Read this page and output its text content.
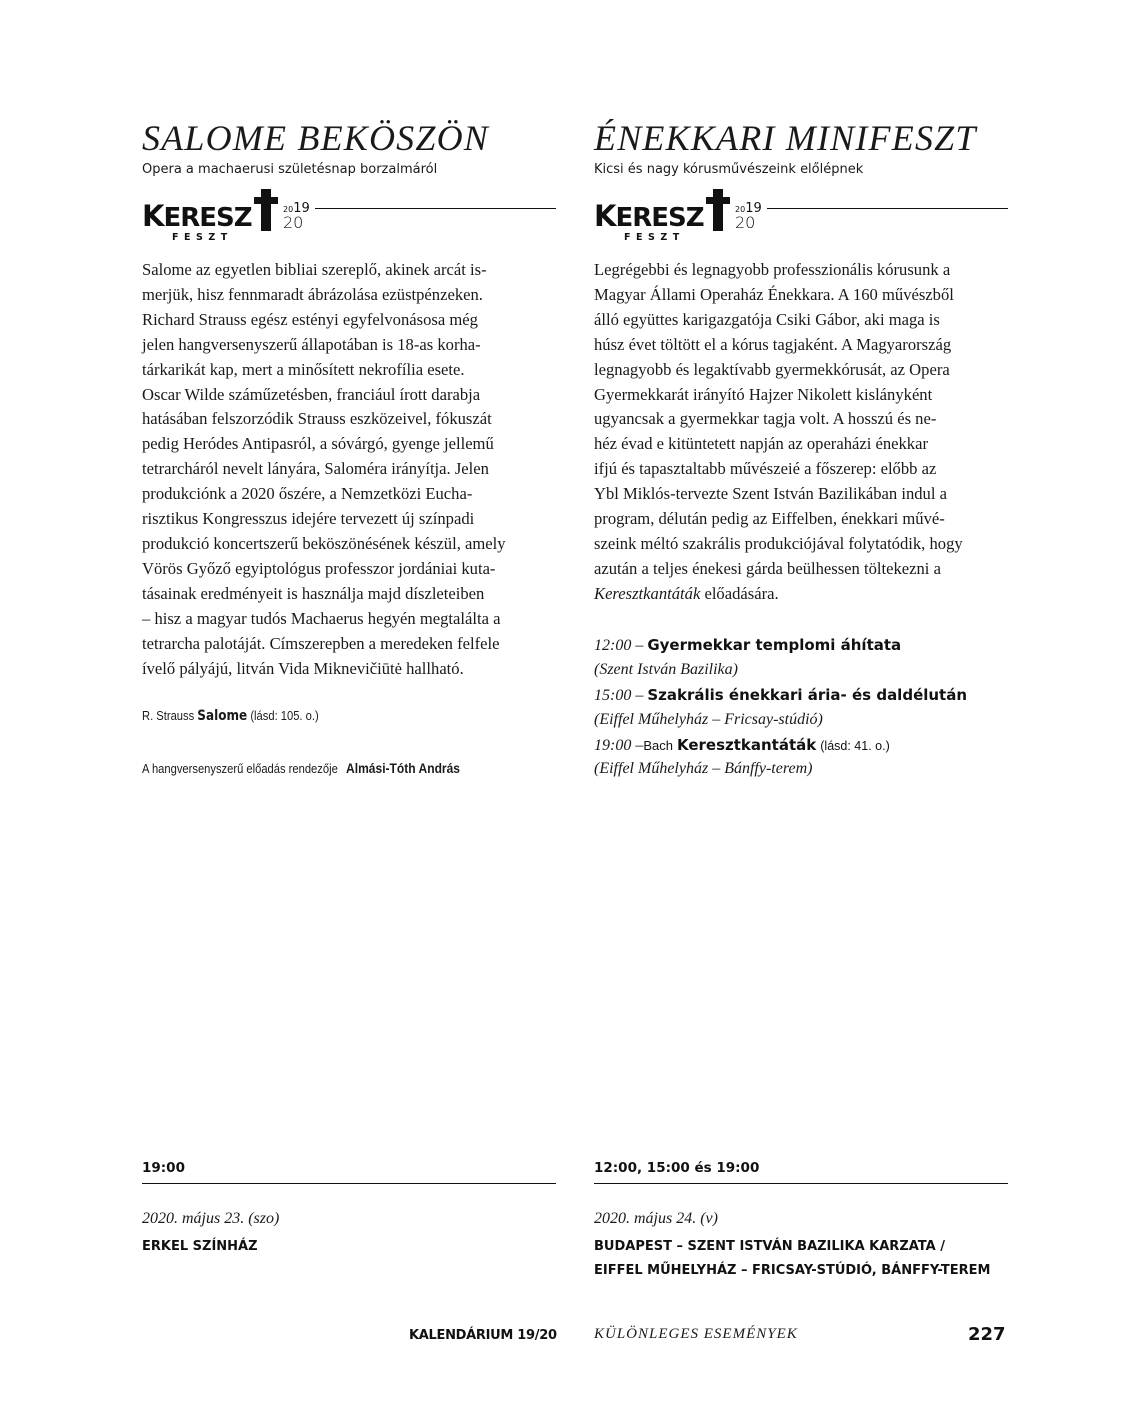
SALOME BEKÖSZÖN
Opera a machaerusi születésnap borzalmáról
KERESZ
FESZT
2019
20

Salome az egyetlen bibliai szereplő, akinek arcát is-

merjük, hisz fennmaradt ábrázolása ezüstpénzeken.

Richard Strauss egész estényi egyfelvonásosa még

jelen hangversenyszerű állapotában is 18-as korha-

tárkarikát kap, mert a minősített nekrofília esete.

Oscar Wilde száműzetésben, franciául írott darabja

hatásában felszorzódik Strauss eszközeivel, fókuszát

pedig Heródes Antipasról, a sóvárgó, gyenge jellemű

tetrarcháról nevelt lányára, Saloméra irányítja. Jelen

produkciónk a 2020 őszére, a Nemzetközi Eucha-

risztikus Kongresszus idejére tervezett új színpadi

produkció koncertszerű beköszönésének készül, amely

Vörös Győző egyiptológus professzor jordániai kuta-

tásainak eredményeit is használja majd díszleteiben

– hisz a magyar tudós Machaerus hegyén megtalálta a

tetrarcha palotáját. Címszerepben a meredeken felfele

ívelő pályájú, litván Vida Miknevičiūtė hallható.

R. Strauss Salome (lásd: 105. o.)
A hangversenyszerű előadás rendezője Almási-Tóth András
19:00
2020. május 23. (szo)
ERKEL SZÍNHÁZ
ÉNEKKARI MINIFESZT
Kicsi és nagy kórusművészeink előlépnek
KERESZ
FESZT
2019
20

Legrégebbi és legnagyobb professzionális kórusunk a

Magyar Állami Operaház Énekkara. A 160 művészből

álló együttes karigazgatója Csiki Gábor, aki maga is

húsz évet töltött el a kórus tagjaként. A Magyarország

legnagyobb és legaktívabb gyermekkórusát, az Opera

Gyermekkarát irányító Hajzer Nikolett kislányként

ugyancsak a gyermekkar tagja volt. A hosszú és ne-

héz évad e kitüntetett napján az operaházi énekkar

ifjú és tapasztaltabb művészeié a főszerep: előbb az

Ybl Miklós-tervezte Szent István Bazilikában indul a

program, délután pedig az Eiffelben, énekkari művé-

szeink méltó szakrális produkciójával folytatódik, hogy

azután a teljes énekesi gárda beülhessen töltekezni a

Keresztkantáták előadására.

12:00 – Gyermekkar templomi áhítata
(Szent István Bazilika)
15:00 – Szakrális énekkari ária- és daldélután
(Eiffel Műhelyház – Fricsay-stúdió)
19:00 –Bach Keresztkantáták (lásd: 41. o.)
(Eiffel Műhelyház – Bánffy-terem)
12:00, 15:00 és 19:00
2020. május 24. (v)
BUDAPEST – SZENT ISTVÁN BAZILIKA KARZATA /
EIFFEL MŰHELYHÁZ – FRICSAY-STÚDIÓ, BÁNFFY-TEREM
KALENDÁRIUM 19/20 KÜLÖNLEGES ESEMÉNYEK	227
